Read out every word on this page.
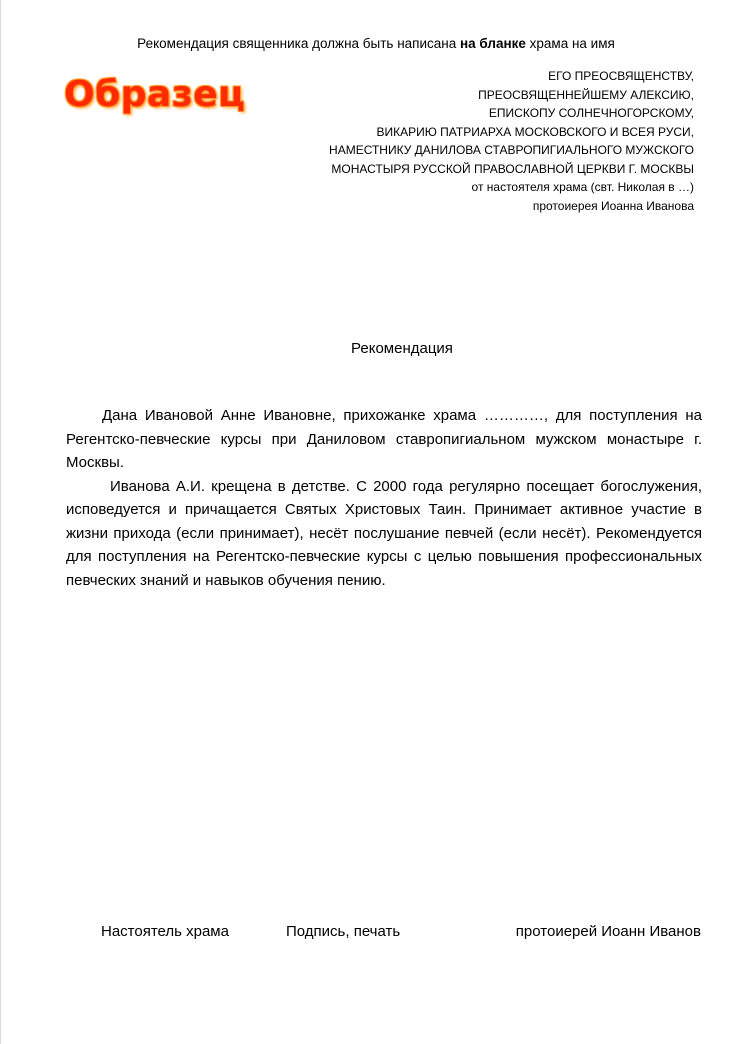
Рекомендация священника должна быть написана на бланке храма на имя
Образец	ЕГО ПРЕОСВЯЩЕНСТВУ,
ПРЕОСВЯЩЕННЕЙШЕМУ АЛЕКСИЮ,
ЕПИСКОПУ СОЛНЕЧНОГОРСКОМУ,
ВИКАРИЮ ПАТРИАРХА МОСКОВСКОГО И ВСЕЯ РУСИ,
НАМЕСТНИКУ ДАНИЛОВА СТАВРОПИГИАЛЬНОГО МУЖСКОГО
МОНАСТЫРЯ РУССКОЙ ПРАВОСЛАВНОЙ ЦЕРКВИ Г. МОСКВЫ
от настоятеля храма (свт. Николая в …)
протоиерея Иоанна Иванова
Рекомендация

Дана Ивановой Анне Ивановне, прихожанке храма …………, для поступления на Регентско-певческие курсы при Даниловом ставропигиальном мужском монастыре г. Москвы.

Иванова А.И. крещена в детстве. С 2000 года регулярно посещает богослужения, исповедуется и причащается Святых Христовых Таин. Принимает активное участие в жизни прихода (если принимает), несёт послушание певчей (если несёт). Рекомендуется для поступления на Регентско-певческие курсы с целью повышения профессиональных певческих знаний и навыков обучения пению.

Настоятель храма	Подпись, печать	протоиерей Иоанн Иванов
